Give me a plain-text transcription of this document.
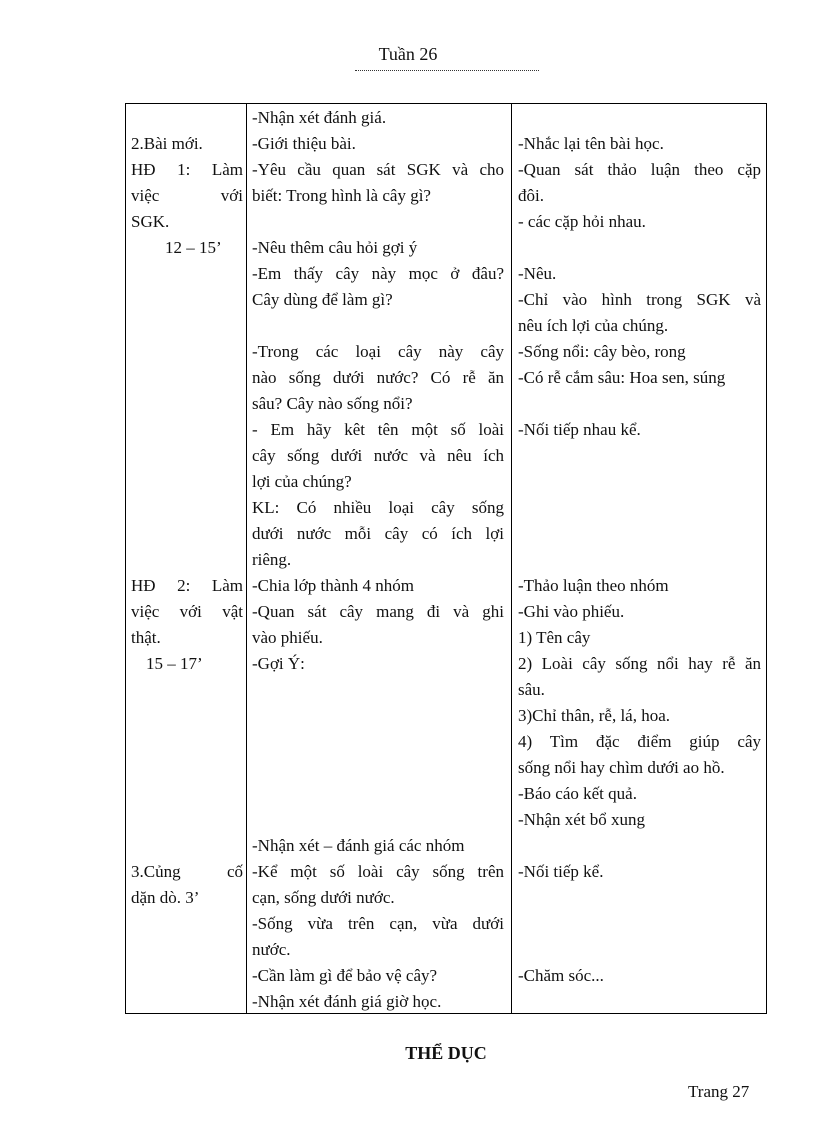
Tuần 26
2.Bài mới.
HĐ 1: Làm
việc với
SGK.
12 – 15’
HĐ 2: Làm
việc với vật
thật.
15 – 17’
3.Củng cố
dặn dò. 3’
-Nhận xét đánh giá.
-Giới thiệu bài.
-Yêu cầu quan sát SGK và cho
biết: Trong hình là cây gì?
-Nêu thêm câu hỏi gợi ý
-Em thấy cây này mọc ở đâu?
Cây dùng để làm gì?
-Trong các loại cây này cây
nào sống dưới nước? Có rễ ăn
sâu? Cây nào sống nổi?
- Em hãy kêt tên một số loài
cây sống dưới nước và nêu ích
lợi của chúng?
KL: Có nhiều loại cây sống
dưới nước mỗi cây có ích lợi
riêng.
-Chia lớp thành 4 nhóm
-Quan sát cây mang đi và ghi
vào phiếu.
-Gợi Ý:
-Nhận xét – đánh giá các nhóm
-Kể một số loài cây sống trên
cạn, sống dưới nước.
-Sống vừa trên cạn, vừa dưới
nước.
-Cần làm gì để bảo vệ cây?
-Nhận xét đánh giá giờ học.
-Nhắc lại tên bài học.
-Quan sát thảo luận theo cặp
đôi.
- các cặp hỏi nhau.
-Nêu.
-Chỉ vào hình trong SGK và
nêu ích lợi của chúng.
-Sống nổi: cây bèo, rong
-Có rễ cắm sâu: Hoa sen, súng
-Nối tiếp nhau kể.
-Thảo luận theo nhóm
-Ghi vào phiếu.
1) Tên cây
2) Loài cây sống nổi hay rễ ăn
sâu.
3)Chỉ thân, rễ, lá, hoa.
4) Tìm đặc điểm giúp cây
sống nổi hay chìm dưới ao hồ.
-Báo cáo kết quả.
-Nhận xét bổ xung
-Nối tiếp kể.
-Chăm sóc...
THỂ DỤC
Trang 27
